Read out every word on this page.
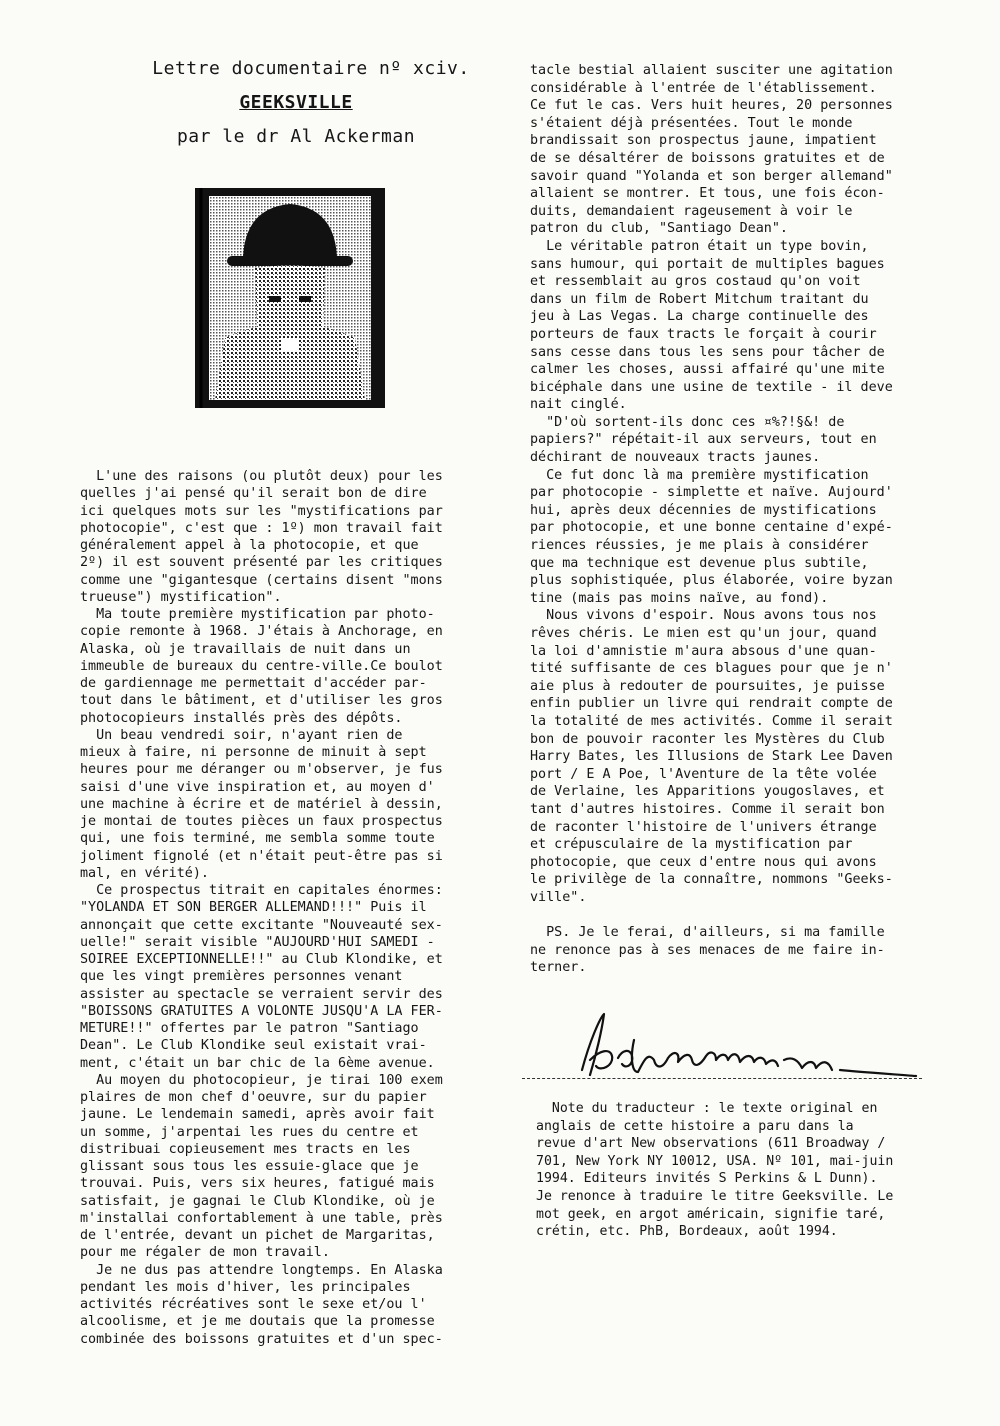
Lettre documentaire nº xciv.
GEEKSVILLE
par le dr Al Ackerman

L'une des raisons (ou plutôt deux) pour les

quelles j'ai pensé qu'il serait bon de dire

ici quelques mots sur les "mystifications par

photocopie", c'est que : 1º) mon travail fait

généralement appel à la photocopie, et que

2º) il est souvent présenté par les critiques

comme une "gigantesque (certains disent "mons

trueuse") mystification".

Ma toute première mystification par photo-

copie remonte à 1968. J'étais à Anchorage, en

Alaska, où je travaillais de nuit dans un

immeuble de bureaux du centre-ville.Ce boulot

de gardiennage me permettait d'accéder par-

tout dans le bâtiment, et d'utiliser les gros

photocopieurs installés près des dépôts.

Un beau vendredi soir, n'ayant rien de

mieux à faire, ni personne de minuit à sept

heures pour me déranger ou m'observer, je fus

saisi d'une vive inspiration et, au moyen d'

une machine à écrire et de matériel à dessin,

je montai de toutes pièces un faux prospectus

qui, une fois terminé, me sembla somme toute

joliment fignolé (et n'était peut-être pas si

mal, en vérité).

Ce prospectus titrait en capitales énormes:

"YOLANDA ET SON BERGER ALLEMAND!!!" Puis il

annonçait que cette excitante "Nouveauté sex-

uelle!" serait visible "AUJOURD'HUI SAMEDI -

SOIREE EXCEPTIONNELLE!!" au Club Klondike, et

que les vingt premières personnes venant

assister au spectacle se verraient servir des

"BOISSONS GRATUITES A VOLONTE JUSQU'A LA FER-

METURE!!" offertes par le patron "Santiago

Dean". Le Club Klondike seul existait vrai-

ment, c'était un bar chic de la 6ème avenue.

Au moyen du photocopieur, je tirai 100 exem

plaires de mon chef d'oeuvre, sur du papier

jaune. Le lendemain samedi, après avoir fait

un somme, j'arpentai les rues du centre et

distribuai copieusement mes tracts en les

glissant sous tous les essuie-glace que je

trouvai. Puis, vers six heures, fatigué mais

satisfait, je gagnai le Club Klondike, où je

m'installai confortablement à une table, près

de l'entrée, devant un pichet de Margaritas,

pour me régaler de mon travail.

Je ne dus pas attendre longtemps. En Alaska

pendant les mois d'hiver, les principales

activités récréatives sont le sexe et/ou l'

alcoolisme, et je me doutais que la promesse

combinée des boissons gratuites et d'un spec-

tacle bestial allaient susciter une agitation

considérable à l'entrée de l'établissement.

Ce fut le cas. Vers huit heures, 20 personnes

s'étaient déjà présentées. Tout le monde

brandissait son prospectus jaune, impatient

de se désaltérer de boissons gratuites et de

savoir quand "Yolanda et son berger allemand"

allaient se montrer. Et tous, une fois écon-

duits, demandaient rageusement à voir le

patron du club, "Santiago Dean".

Le véritable patron était un type bovin,

sans humour, qui portait de multiples bagues

et ressemblait au gros costaud qu'on voit

dans un film de Robert Mitchum traitant du

jeu à Las Vegas. La charge continuelle des

porteurs de faux tracts le forçait à courir

sans cesse dans tous les sens pour tâcher de

calmer les choses, aussi affairé qu'une mite

bicéphale dans une usine de textile - il deve

nait cinglé.

"D'où sortent-ils donc ces ¤%?!§&! de

papiers?" répétait-il aux serveurs, tout en

déchirant de nouveaux tracts jaunes.

Ce fut donc là ma première mystification

par photocopie - simplette et naïve. Aujourd'

hui, après deux décennies de mystifications

par photocopie, et une bonne centaine d'expé-

riences réussies, je me plais à considérer

que ma technique est devenue plus subtile,

plus sophistiquée, plus élaborée, voire byzan

tine (mais pas moins naïve, au fond).

Nous vivons d'espoir. Nous avons tous nos

rêves chéris. Le mien est qu'un jour, quand

la loi d'amnistie m'aura absous d'une quan-

tité suffisante de ces blagues pour que je n'

aie plus à redouter de poursuites, je puisse

enfin publier un livre qui rendrait compte de

la totalité de mes activités. Comme il serait

bon de pouvoir raconter les Mystères du Club

Harry Bates, les Illusions de Stark Lee Daven

port / E A Poe, l'Aventure de la tête volée

de Verlaine, les Apparitions yougoslaves, et

tant d'autres histoires. Comme il serait bon

de raconter l'histoire de l'univers étrange

et crépusculaire de la mystification par

photocopie, que ceux d'entre nous qui avons

le privilège de la connaître, nommons "Geeks-

ville".

PS. Je le ferai, d'ailleurs, si ma famille

ne renonce pas à ses menaces de me faire in-

terner.

Note du traducteur : le texte original en

anglais de cette histoire a paru dans la

revue d'art New observations (611 Broadway /

701, New York NY 10012, USA. Nº 101, mai-juin

1994. Editeurs invités S Perkins & L Dunn).

Je renonce à traduire le titre Geeksville. Le

mot geek, en argot américain, signifie taré,

crétin, etc. PhB, Bordeaux, août 1994.
